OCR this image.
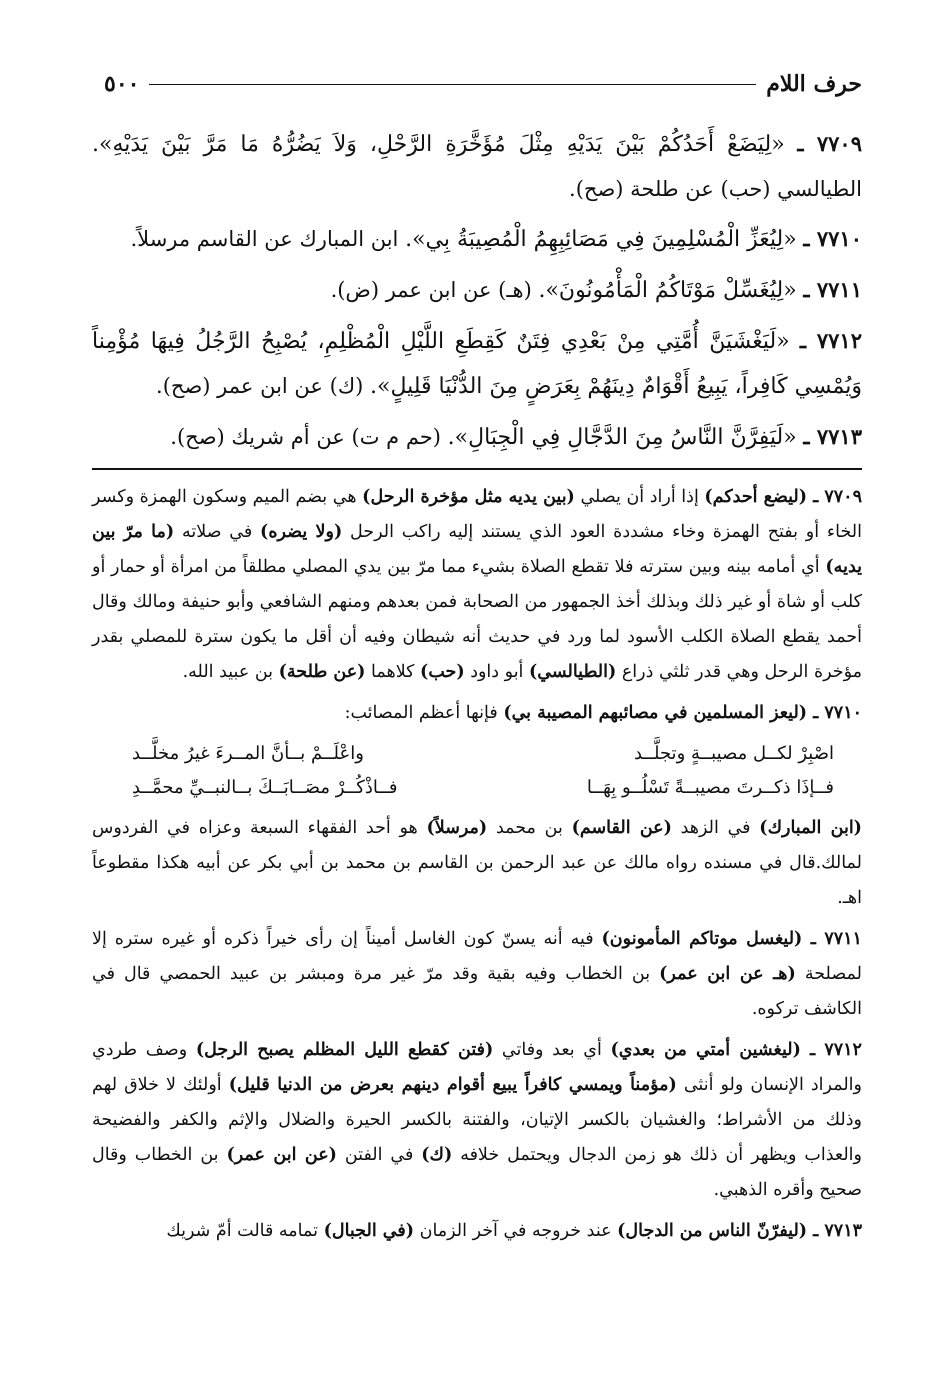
حرف اللام
٥٠٠

٧٧٠٩ ـ «لِيَضَعْ أَحَدُكُمْ بَيْنَ يَدَيْهِ مِثْلَ مُؤَخَّرَةِ الرَّحْلِ، وَلاَ يَضُرُّهُ مَا مَرَّ بَيْنَ يَدَيْهِ». الطيالسي (حب) عن طلحة (صح).

٧٧١٠ ـ «لِيُعَزِّ الْمُسْلِمِينَ فِي مَصَائِبِهِمُ الْمُصِيبَةُ بِي». ابن المبارك عن القاسم مرسلاً.

٧٧١١ ـ «لِيُغَسِّلْ مَوْتَاكُمُ الْمَأْمُونُونَ». (هـ) عن ابن عمر (ض).

٧٧١٢ ـ «لَيَغْشَيَنَّ أُمَّتِي مِنْ بَعْدِي فِتَنٌ كَقِطَعِ اللَّيْلِ الْمُظْلِمِ، يُصْبِحُ الرَّجُلُ فِيهَا مُؤْمِناً وَيُمْسِي كَافِراً، يَبِيعُ أَقْوَامٌ دِينَهُمْ بِعَرَضٍ مِنَ الدُّنْيَا قَلِيلٍ». (ك) عن ابن عمر (صح).

٧٧١٣ ـ «لَيَفِرَّنَّ النَّاسُ مِنَ الدَّجَّالِ فِي الْجِبَالِ». (حم م ت) عن أم شريك (صح).

٧٧٠٩ ـ (ليضع أحدكم) إذا أراد أن يصلي (بين يديه مثل مؤخرة الرحل) هي بضم الميم وسكون الهمزة وكسر الخاء أو بفتح الهمزة وخاء مشددة العود الذي يستند إليه راكب الرحل (ولا يضره) في صلاته (ما مرّ بين يديه) أي أمامه بينه وبين سترته فلا تقطع الصلاة بشيء مما مرّ بين يدي المصلي مطلقاً من امرأة أو حمار أو كلب أو شاة أو غير ذلك وبذلك أخذ الجمهور من الصحابة فمن بعدهم ومنهم الشافعي وأبو حنيفة ومالك وقال أحمد يقطع الصلاة الكلب الأسود لما ورد في حديث أنه شيطان وفيه أن أقل ما يكون سترة للمصلي بقدر مؤخرة الرحل وهي قدر ثلثي ذراع (الطيالسي) أبو داود (حب) كلاهما (عن طلحة) بن عبيد الله.

٧٧١٠ ـ (ليعز المسلمين في مصائبهم المصيبة بي) فإنها أعظم المصائب:

اصْبِرْ لكــل مصيبــةٍ وتجلَّــد
واعْلَــمْ بــأنَّ المــرءَ غيرُ مخلَّــد
فــإذَا ذكــرتَ مصيبــةً تَسْلُــو بِهَــا
فــاذْكُــرْ مصَــابَــكَ بــالنبــيِّ محمَّــدِ

(ابن المبارك) في الزهد (عن القاسم) بن محمد (مرسلاً) هو أحد الفقهاء السبعة وعزاه في الفردوس لمالك.قال في مسنده رواه مالك عن عبد الرحمن بن القاسم بن محمد بن أبي بكر عن أبيه هكذا مقطوعاً اهـ.

٧٧١١ ـ (ليغسل موتاكم المأمونون) فيه أنه يسنّ كون الغاسل أميناً إن رأى خيراً ذكره أو غيره ستره إلا لمصلحة (هـ عن ابن عمر) بن الخطاب وفيه بقية وقد مرّ غير مرة ومبشر بن عبيد الحمصي قال في الكاشف تركوه.

٧٧١٢ ـ (ليغشين أمتي من بعدي) أي بعد وفاتي (فتن كقطع الليل المظلم يصبح الرجل) وصف طردي والمراد الإنسان ولو أنثى (مؤمناً ويمسي كافراً يبيع أقوام دينهم بعرض من الدنيا قليل) أولئك لا خلاق لهم وذلك من الأشراط؛ والغشيان بالكسر الإتيان، والفتنة بالكسر الحيرة والضلال والإثم والكفر والفضيحة والعذاب ويظهر أن ذلك هو زمن الدجال ويحتمل خلافه (ك) في الفتن (عن ابن عمر) بن الخطاب وقال صحيح وأقره الذهبي.

٧٧١٣ ـ (ليفرّنّ الناس من الدجال) عند خروجه في آخر الزمان (في الجبال) تمامه قالت أمّ شريك
